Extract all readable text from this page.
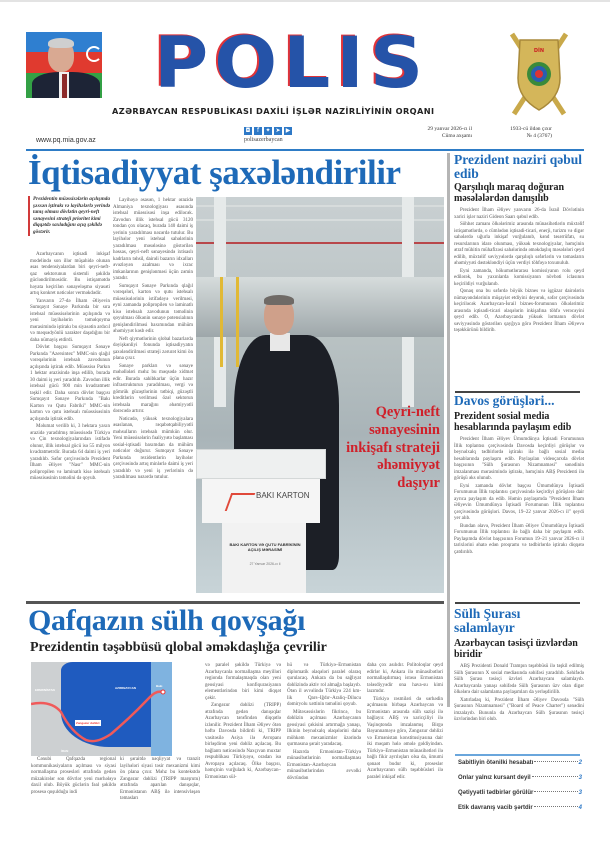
POLIS
AZƏRBAYCAN RESPUBLİKASI DAXİLİ İŞLƏR NAZİRLİYİNİN ORQANI
DİN
www.pq.mia.gov.az
◘	f	✦ ➤ ▶
polisazerbaycan
29 yanvar 2026-cı il
Cümə axşamı
1933-cü ildən çıxır
№ 4 (3767)
İqtisadiyyat şaxələndirilir
Prezidentin müəssisələrin açılışında şəxsən iştirakı və layihələrlə yerində tanış olması dövlətin qeyri-neft sənayesini strateji prioritet kimi diqqətdə saxladığını açıq şəkildə göstərir.

Azərbaycanın iqtisadi inkişaf modelində son illər müşahidə olunan əsas tendensiyalardan biri qeyri-neft-qaz sektorunun sistemli şəkildə gücləndirilməsidir. Bu istiqamətdə həyata keçirilən sənayeləşmə siyasəti artıq konkret nəticələr verməkdədir.

Yanvarın 27-də İlham Əliyevin Sumqayıt Sənaye Parkında bir sıra istehsal müəssisələrinin açılışında və yeni layihələrin təməlqoyma mərasimində iştirakı bu siyasətin ardıcıl və məqsədyönlü xarakter daşıdığını bir daha nümayiş etdirdi.

Dövlət başçısı Sumqayıt Sənaye Parkında "Azersintez" MMC-nin qlağıl vərəqələrinin istehsalı zavodunun açılışında iştirak edib. Müəssisə Parkın 1 hektar ərazisində inşa edilib, burada 30 daimi iş yeri yaradılıb. Zavodun illik istehsal gücü 900 min kvadratmetr təşkil edir. Daha sonra dövlət başçısı Sumqayıt Sənaye Parkında "Bakı Karton və Qutu Fabriki" MMC-nin karton və qutu istehsalı müəssisəsinin açılışında iştirak edib.

Məlumat verilib ki, 3 hektara yaxın ərazidə yaradılmış müəssisədə Türkiyə və Çin texnologiyalarından istifadə olunur, illik istehsal gücü isə 55 milyon kvadratmetrdir. Burada 64 daimi iş yeri yaradılıb. Səfər çərçivəsində Prezident İlham Əliyev "Nasr" MMC-nin polipropilen və laminatlı kisə istehsalı müəssisəsinin təməlini də qoyub.

Layihəyə əsasən, 1 hektar ərazidə Almaniya texnologiyası əsasında istehsal müəssisəsi inşa ediləcək. Zavodun illik istehsal gücü 3120 tondan çox olacaq, burada 140 daimi iş yerinin yaradılması nəzərdə tutulur. Bu layihələr yeni istehsal sahələrinin yaradılması məsələsinə göstərilən həssas, qeyri-neft sənayesində ixtisaslı kadrların təhsil, dairəli bazarın idxalları əvəzləyən azalması və ixrac imkanlarının genişlənməsi üçün zəmin yaradır.

Sumqayıt Sənaye Parkında qlağıl vərəqələri, karton və qutu istehsalı müəssisələrinin istifadəyə verilməsi, eyni zamanda polipropilen və laminatlı kisə istehsalı zavodunun təməlinin qoyulması ölkənin sənaye potensialının genişləndirilməsi baxımından mühüm əhəmiyyət kəsb edir.

Neft qiymətlərinin qlobal bazarlarda dəyişkənliyi fonunda iqtisadiyyatın şaxələndirilməsi strateji zərurət kimi ön plana çıxır.

Sənaye parkları və sənaye məhəllələri məhz bu məqsədə xidmət edir. Burada sahibkarlar üçün hazır infrastrukturun yaradılması, vergi və gömrük güzəştlərinin tətbiqi, güzəştli kreditlərin verilməsi özəl sektorun istehsala marağını əhəmiyyətli dərəcədə artırır.

Nəticədə, yüksək texnologiyalara əsaslanan, rəqabətqabiliyyətli məhsulların istehsalı mümkün olur. Yeni müəssisələrin fəaliyyətə başlaması sosial-iqtisadi baxımdan da mühüm nəticələr doğurur. Sumqayıt Sənaye Parkında rezidentlərin layihələr çərçivəsində artıq minlərlə daimi iş yeri yaradılıb və yeni iş yerlərinin də yaradılması nəzərdə tutulur.

BAKI KARTON
BAKI KARTON VƏ QUTU FABRİKİNİN AÇILIŞ MƏRASİMİ
27 Yanvar 2026-cı il
Qeyri-neft sənayesinin inkişafı strateji əhəmiyyət daşıyır
Qafqazın sülh qovşağı
Prezidentin təşəbbüsü qlobal əməkdaşlığa çevrilir
ERMƏNİSTAN	AZƏRBAYCAN
İRAN
Zəngəzur dəhlizi
Bakı

Cənubi Qafqazda regional kommunikasiyaların açılması və siyasi normallaşma prosesləri ətrafında gedən müzakirələr son dövrlər yeni mərhələyə daxil olub. Böyük güclərin fəal şəkildə prosesə qoşulduğu indi

ki şəraitdə nəqliyyat və tranzit layihələri siyasi təsir mexanizmi kimi ön plana çıxır. Məhz bu kontekstdə Zəngəzur dəhlizi (TRIPP marşrutu) ətrafında aparılan danışıqlar, Ermənistanın ABŞ ilə intensivləşən təmasları

və paralel şəkildə Türkiyə və Azərbaycanla normallaşma meyilləri regionda formalaşmaqda olan yeni geosiyasi konfiqurasiyanın elementlərindən biri kimi diqqət çəkir.

Zəngəzur dəhlizi (TRIPP) ətrafında gedən danışıqlar Azərbaycan tərəfindən diqqətlə izlənilir. Prezident İlham Əliyev ötən həftə Davosda bildirdi ki, TRIPP vasitəsilə Asiya ilə Avropanı birləşdirən yeni dəhliz açılacaq. Bu bağlantı nəticəsində Naxçıvan muxtar respublikası Türkiyəyə, oradan isə Avropaya açılacaq. Ölkə başçısı, həmçinin vurğuladı ki, Azərbaycan–Ermənistan sül-

hü və Türkiyə–Ermənistan diplomatik əlaqələri paralel olaraq qurulacaq. Ankara da bu sağlıyat dəhlizində aktiv rol almağa başlayıb. Ötən il əvvəlində Türkiyə 224 km-lik Qars–Iğdır–Araliq–Dilucu dəmiryolu xəttinin təməlini qoyub.

Mütəxəssislərin fikrincə, bu dəhlizin açılması Azərbaycanın geosiyasi çəkisini artırmağa yanaşı, Ilkinin beynəlxalq əlaqələrini daha möhkəm mexanizmlər üzərində qurmasına şərait yaradacaq.

Hazırda Ermənistan–Türkiyə münasibətlərinin normallaşması Ermənistan–Azərbaycan münasibətlərindən əvvəlki dövründən

daha çox asılıdır. Politoloqlar qeyd edirlər ki, Ankara ilə münasibətləri normallaşdırmaq istəsə Ermənistan tələsdiyyədir ona hava-su kimi lazımdır.

Türkiyə rəsmiləri də sərhədin açılmasını birbaşa Azərbaycan və Ermənistan arasında sülh sazişi ilə bağlayır. ABŞ və xaricçiliyi ilə Vaşinqtonda imzalanmış Birgə Bəyannaməyə görə, Zəngəzur dəhlizi və Ermənistan konstitusiyasına dair iki məqam hələ əmələ gəldiyindən. Türkiyə–Ermənistan münasibətləri ilə bağlı fikir ayrılıqları olsa da, ümumi qənaət budur ki, proseslər Azərbaycanın sülh təşəbbüsləri ilə paralel inkişaf edir.

Prezident naziri qəbul edib
Qarşılıqlı maraq doğuran məsələlərdən danışılıb

Prezident İlham Əliyev yanvarın 26-da İsrail Dövlətinin xarici işlər naziri Gideon Saarı qəbul edib.

Söhbət zamanı ölkələrimiz arasında münasibətlərin müxtəlif istiqamətlərdə, o cümlədən iqtisadi-ticari, enerji, turizm və digər sahələrdə uğurla inkişaf vurğulanıb, kənd təsərrüfatı, su resurslarının idarə olunması, yüksək texnologiyalar, həmçinin ətraf mühitin mühafizəsi sahələrində əməkdaşlıq məsələləri qeyd edilib, müxtəlif səviyyələrdə qarşılıqlı səfərlərin və təmasların əhəmiyyəti dəstəkləndiyi üçün verdiyi töhfəyə toxunulub.

Eyni zamanda, hökumətlərarası komissiyanın rolu qeyd edilərək, bu yaxınlarda komissiyanın növbəti iclasının keçirildiyi vurğulanıb.

Qonaq ona bu səfərdə böyük biznes və işgüzar dairələrin nümayəndələrinin müşayiət etdiyini deyərək, səfər çərçivəsində keçiriləcək Azərbaycan-İsrail biznes-forumunun ölkələrimiz arasında iqtisadi-ticari əlaqələrin inkişafına töhfə verəcəyini qeyd edib. O, Azərbaycanda yüksək lərmanın dövlət səviyyəsində göstərilən qayğıya görə Prezident İlham Əliyevə təşəkkürünü bildirib.

Davos görüşləri...
Prezident sosial media hesablarında paylaşım edib

Prezident İlham Əliyev Ümumdünya İqtisadi Forumunun İllik toplantısı çərçivəsində Davosda keçirdiyi görüşlər və beynəlxalq tədbirlərdə iştirakı ilə bağlı sosial media hesablarında paylaşım edib. Paylaşılan videoçarxda dövlət başçısının "Sülh Şurasının Nizamnaməsi" sənədinin imzalanması mərasimində iştirakı, həmçinin ABŞ Prezidenti ilə görüşü əks olunub.

Eyni zamanda dövlət başçısı Ümumdünya İqtisadi Forumunun İllik toplantısı çərçivəsində keçirdiyi görüşlərə dair ayrıca paylaşım da edib. Həmin paylaşımda "Prezident İlham Əliyevin Ümumdünya İqtisadi Forumunun İllik toplantısı çərçivəsində görüşləri. Davos, 19–22 yanvar 2026-cı il" qeydi yer alıb.

Bundan əlavə, Prezident İlham Əliyev Ümumdünya İqtisadi Forumunun İllik toplantısı ilə bağlı daha bir paylaşım edib. Paylaşımda dövlət başçısının Forumun 19–21 yanvar 2026-cı il tarixlərini əhatə edən proqramı və tədbirlərdə iştirakı diqqətə çatdırılıb.

Sülh Şurası salamlayır
Azərbaycan təsisçi üzvlərdən biridir

ABŞ Prezidenti Donald Trampın təşəbbüsü ilə təşkil edilmiş Sülh Şurasının X sosial mediasında səhifəsi yaradılıb. Səhifədə Sülh Şurası təsisçi üzvləri Azərbaycanı salamlayıb. Azərbaycanla yanaşı səhifədə Sülh Şurasının üzv olan digər ölkələrə dair salamlama paylaşımları da yerləşdirilib.

Xatırladaq ki, Prezident İlham Əliyev Davosda "Sülh Şurasının Nizamnaməsi" ("Board of Peace Charter") sənədini imzalayıb. Bununla da Azərbaycan Sülh Şurasının təsisçi üzvlərindən biri olub.

Sabitliyin ötənilki hesabatı	2
Onlar yalnız kursant deyil	3
Qətiyyətli tədbirlər görülür	3
Etik davranış vacib şərtdir	4
